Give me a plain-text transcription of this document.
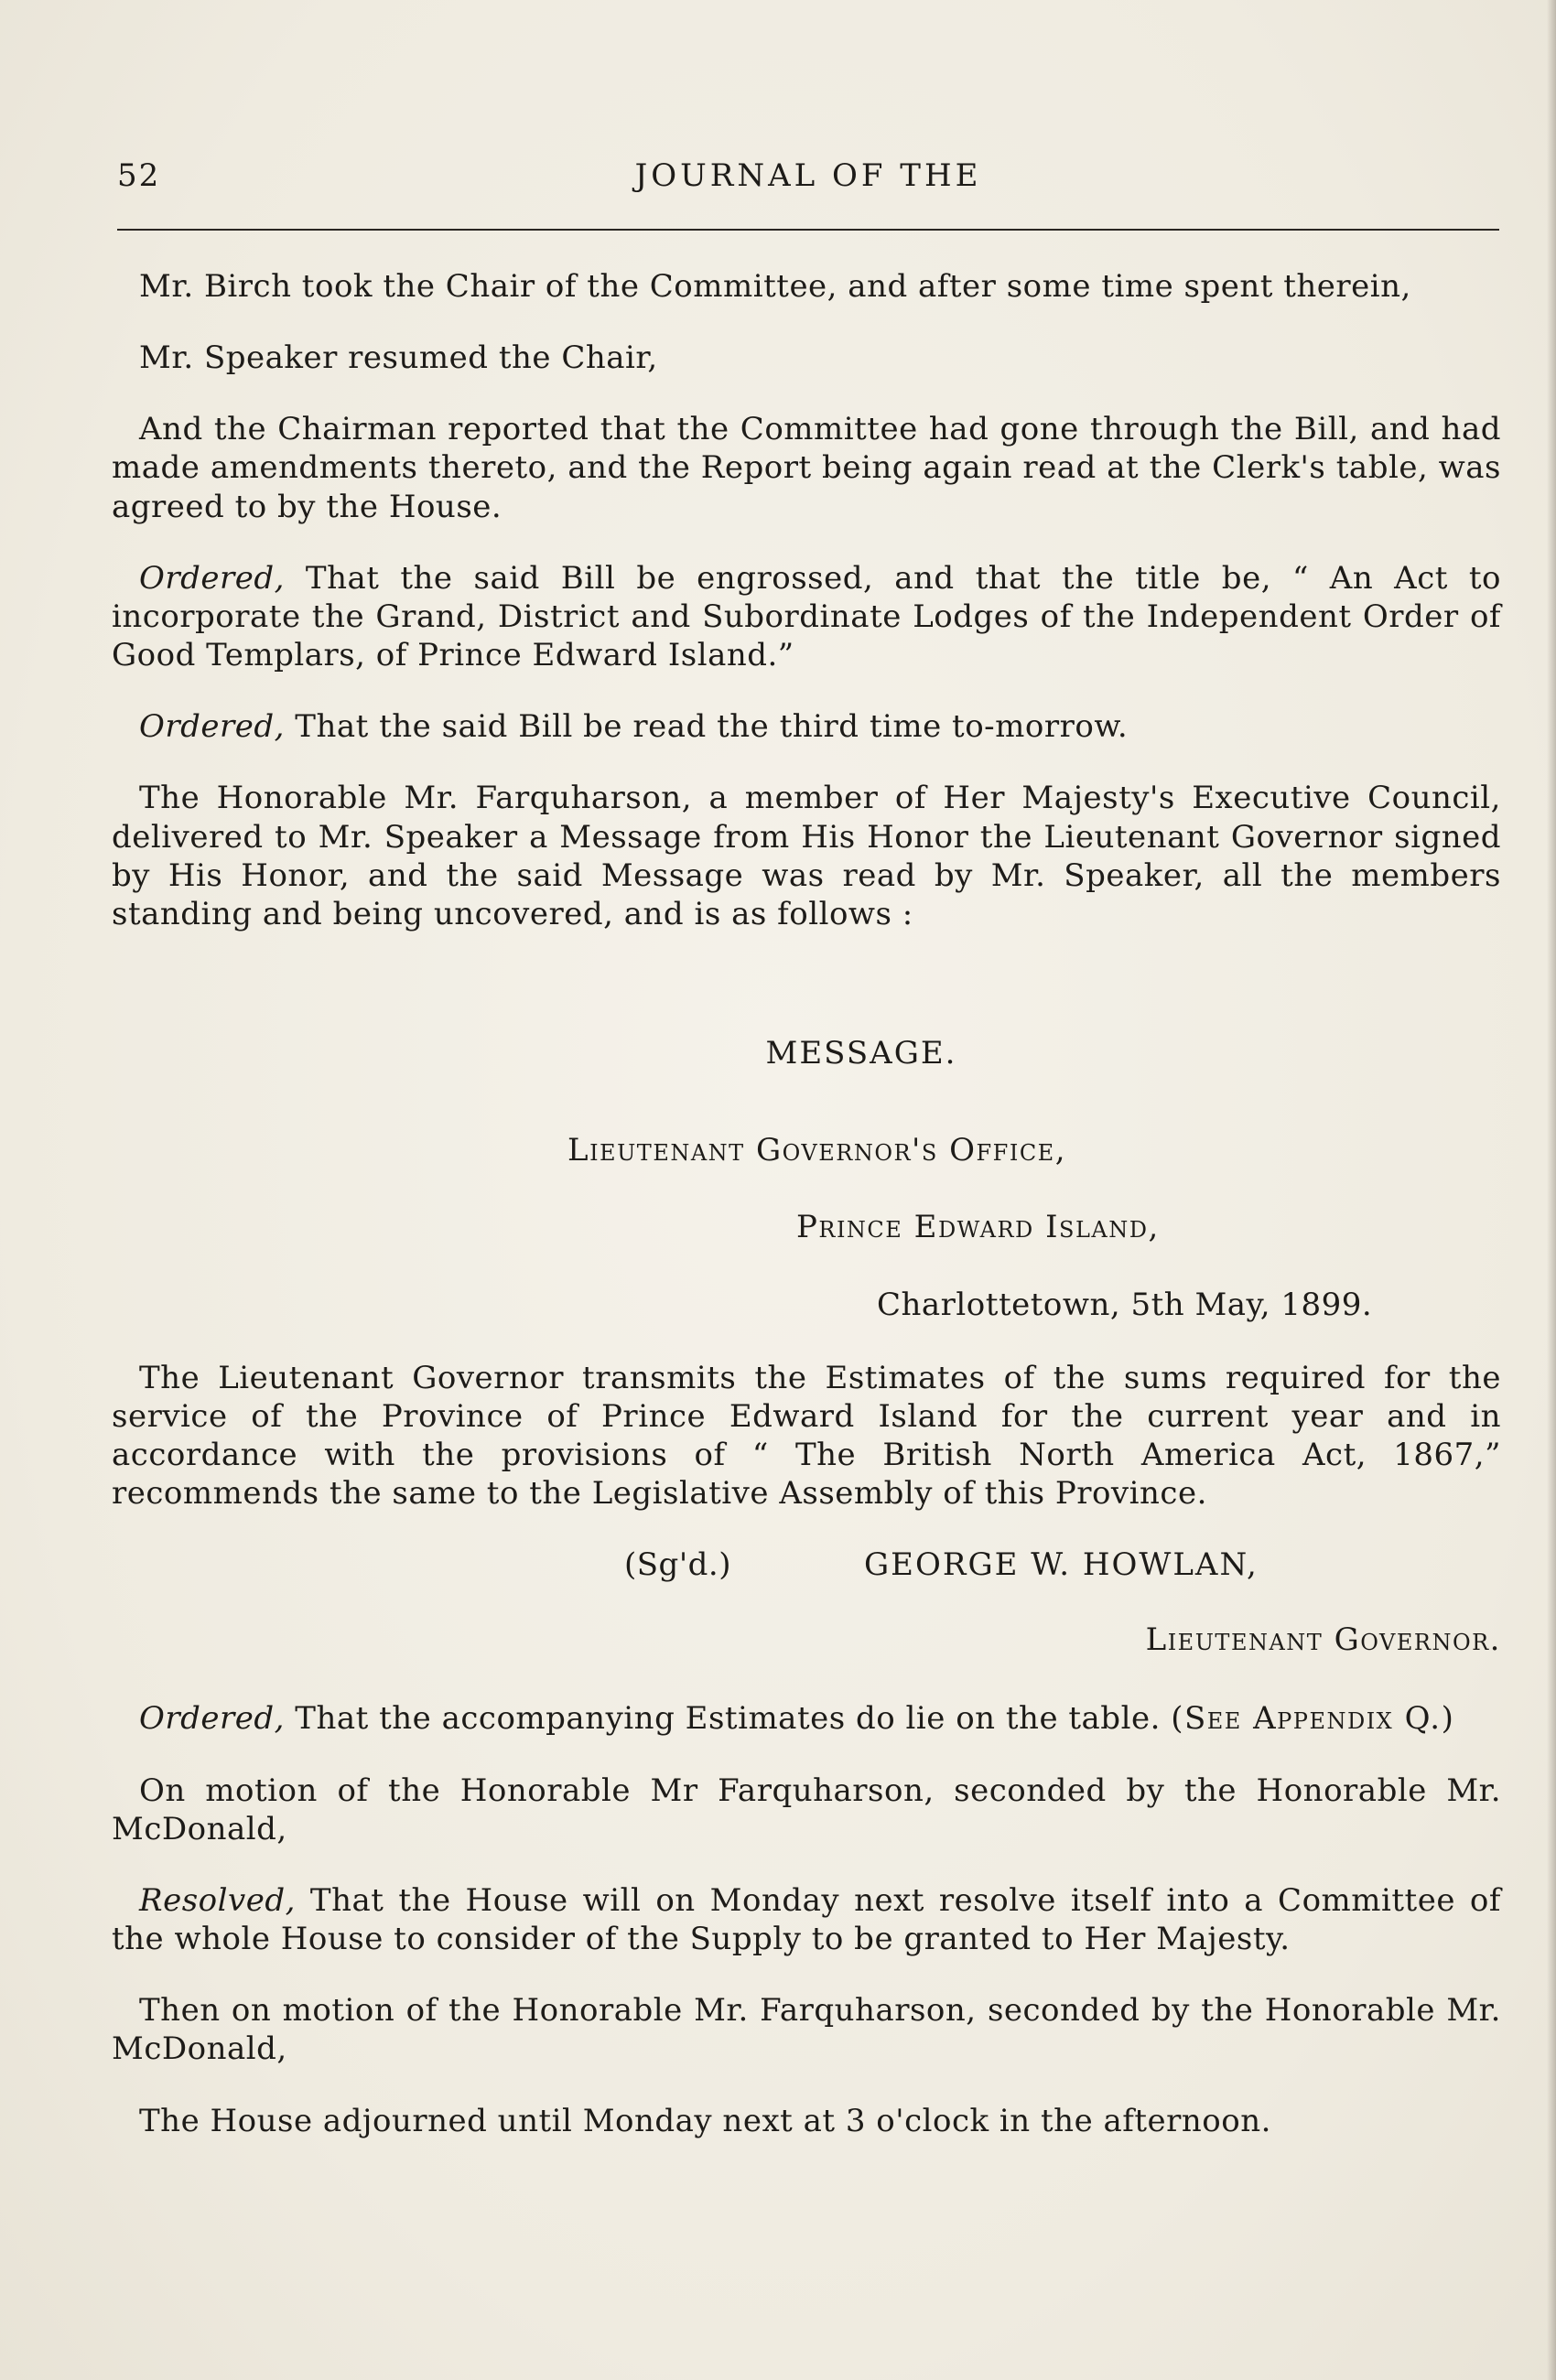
52	JOURNAL OF THE

Mr. Birch took the Chair of the Committee, and after some time spent therein,

Mr. Speaker resumed the Chair,

And the Chairman reported that the Committee had gone through the Bill, and had made amendments thereto, and the Report being again read at the Clerk's table, was agreed to by the House.

Ordered, That the said Bill be engrossed, and that the title be, “ An Act to incorporate the Grand, District and Subordinate Lodges of the Independent Order of Good Templars, of Prince Edward Island.”

Ordered, That the said Bill be read the third time to-morrow.

The Honorable Mr. Farquharson, a member of Her Majesty's Executive Council, delivered to Mr. Speaker a Message from His Honor the Lieutenant Governor signed by His Honor, and the said Message was read by Mr. Speaker, all the members standing and being uncovered, and is as follows :

MESSAGE.

Lieutenant Governor's Office,

Prince Edward Island,

Charlottetown, 5th May, 1899.

The Lieutenant Governor transmits the Estimates of the sums required for the service of the Province of Prince Edward Island for the current year and in accordance with the provisions of “ The British North America Act, 1867,” recommends the same to the Legislative Assembly of this Province.

(Sg'd.)	GEORGE W. HOWLAN,

Lieutenant Governor.

Ordered, That the accompanying Estimates do lie on the table. (See Appendix Q.)

On motion of the Honorable Mr Farquharson, seconded by the Honorable Mr. McDonald,

Resolved, That the House will on Monday next resolve itself into a Committee of the whole House to consider of the Supply to be granted to Her Majesty.

Then on motion of the Honorable Mr. Farquharson, seconded by the Honorable Mr. McDonald,

The House adjourned until Monday next at 3 o'clock in the afternoon.
